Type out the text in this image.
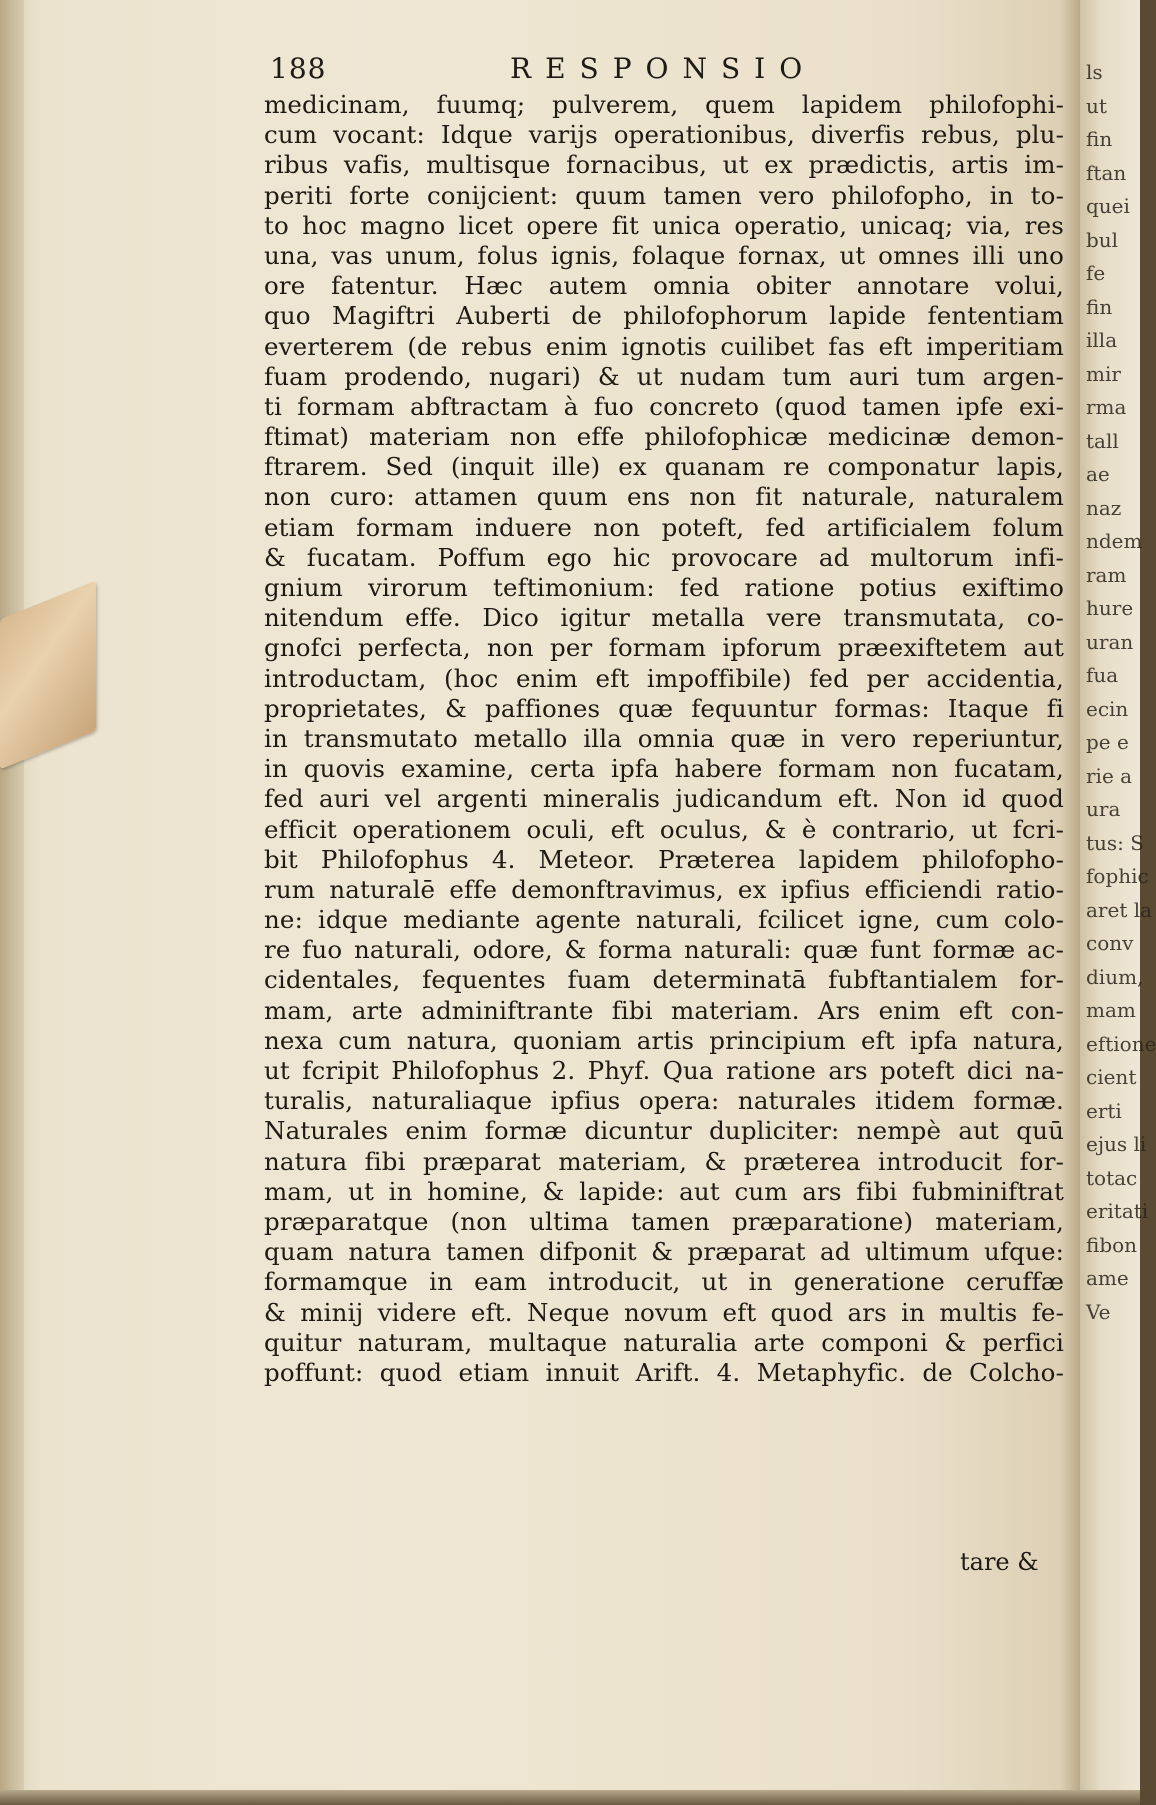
188	RESPONSIO
medicinam, fuumq; pulverem, quem lapidem philofophi-
cum vocant: Idque varijs operationibus, diverfis rebus, plu-
ribus vafis, multisque fornacibus, ut ex prædictis, artis im-
periti forte conijcient: quum tamen vero philofopho, in to-
to hoc magno licet opere fit unica operatio, unicaq; via, res
una, vas unum, folus ignis, folaque fornax, ut omnes illi uno
ore fatentur. Hæc autem omnia obiter annotare volui,
quo Magiftri Auberti de philofophorum lapide fententiam
everterem (de rebus enim ignotis cuilibet fas eft imperitiam
fuam prodendo, nugari) & ut nudam tum auri tum argen-
ti formam abftractam à fuo concreto (quod tamen ipfe exi-
ftimat) materiam non effe philofophicæ medicinæ demon-
ftrarem. Sed (inquit ille) ex quanam re componatur lapis,
non curo: attamen quum ens non fit naturale, naturalem
etiam formam induere non poteft, fed artificialem folum
& fucatam. Poffum ego hic provocare ad multorum infi-
gnium virorum teftimonium: fed ratione potius exiftimo
nitendum effe. Dico igitur metalla vere transmutata, co-
gnofci perfecta, non per formam ipforum præexiftetem aut
introductam, (hoc enim eft impoffibile) fed per accidentia,
proprietates, & paffiones quæ fequuntur formas: Itaque fi
in transmutato metallo illa omnia quæ in vero reperiuntur,
in quovis examine, certa ipfa habere formam non fucatam,
fed auri vel argenti mineralis judicandum eft. Non id quod
efficit operationem oculi, eft oculus, & è contrario, ut fcri-
bit Philofophus 4. Meteor. Præterea lapidem philofopho-
rum naturalē effe demonftravimus, ex ipfius efficiendi ratio-
ne: idque mediante agente naturali, fcilicet igne, cum colo-
re fuo naturali, odore, & forma naturali: quæ funt formæ ac-
cidentales, fequentes fuam determinatā fubftantialem for-
mam, arte adminiftrante fibi materiam. Ars enim eft con-
nexa cum natura, quoniam artis principium eft ipfa natura,
ut fcripit Philofophus 2. Phyf. Qua ratione ars poteft dici na-
turalis, naturaliaque ipfius opera: naturales itidem formæ.
Naturales enim formæ dicuntur dupliciter: nempè aut quū
natura fibi præparat materiam, & præterea introducit for-
mam, ut in homine, & lapide: aut cum ars fibi fubminiftrat
præparatque (non ultima tamen præparatione) materiam,
quam natura tamen difponit & præparat ad ultimum ufque:
formamque in eam introducit, ut in generatione ceruffæ
& minij videre eft. Neque novum eft quod ars in multis fe-
quitur naturam, multaque naturalia arte componi & perfici
poffunt: quod etiam innuit Arift. 4. Metaphyfic. de Colcho-
tare &
ls
ut
fin
ftan
quei
bul
fe
fin
illa
mir
rma
tall
ae
naz
ndem
ram
hure
uran
fua
ecin
pe e
rie a
ura
tus: S
fophic
aret la
conv
dium,
mam
eftione
cient
erti
ejus li
totac
eritati
fibon
ame
Ve
